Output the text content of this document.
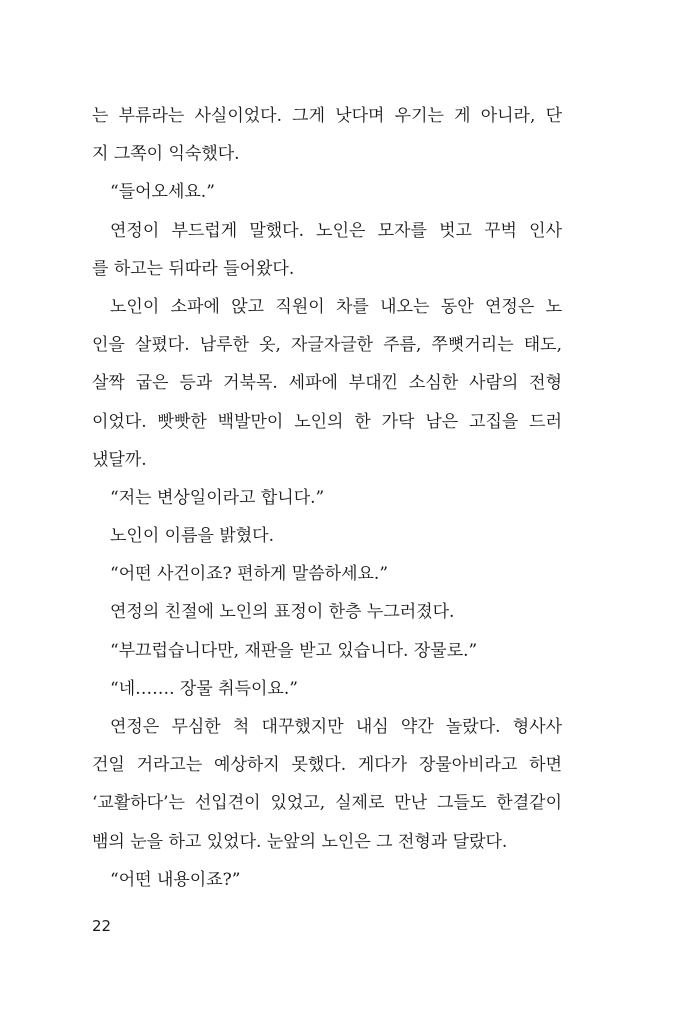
는 부류라는 사실이었다. 그게 낫다며 우기는 게 아니라, 단
지 그쪽이 익숙했다.
“들어오세요.”
연정이 부드럽게 말했다. 노인은 모자를 벗고 꾸벅 인사
를 하고는 뒤따라 들어왔다.
노인이 소파에 앉고 직원이 차를 내오는 동안 연정은 노
인을 살폈다. 남루한 옷, 자글자글한 주름, 쭈뼛거리는 태도,
살짝 굽은 등과 거북목. 세파에 부대낀 소심한 사람의 전형
이었다. 빳빳한 백발만이 노인의 한 가닥 남은 고집을 드러
냈달까.
“저는 변상일이라고 합니다.”
노인이 이름을 밝혔다.
“어떤 사건이죠? 편하게 말씀하세요.”
연정의 친절에 노인의 표정이 한층 누그러졌다.
“부끄럽습니다만, 재판을 받고 있습니다. 장물로.”
“네……. 장물 취득이요.”
연정은 무심한 척 대꾸했지만 내심 약간 놀랐다. 형사사
건일 거라고는 예상하지 못했다. 게다가 장물아비라고 하면
‘교활하다’는 선입견이 있었고, 실제로 만난 그들도 한결같이
뱀의 눈을 하고 있었다. 눈앞의 노인은 그 전형과 달랐다.
“어떤 내용이죠?”
22
